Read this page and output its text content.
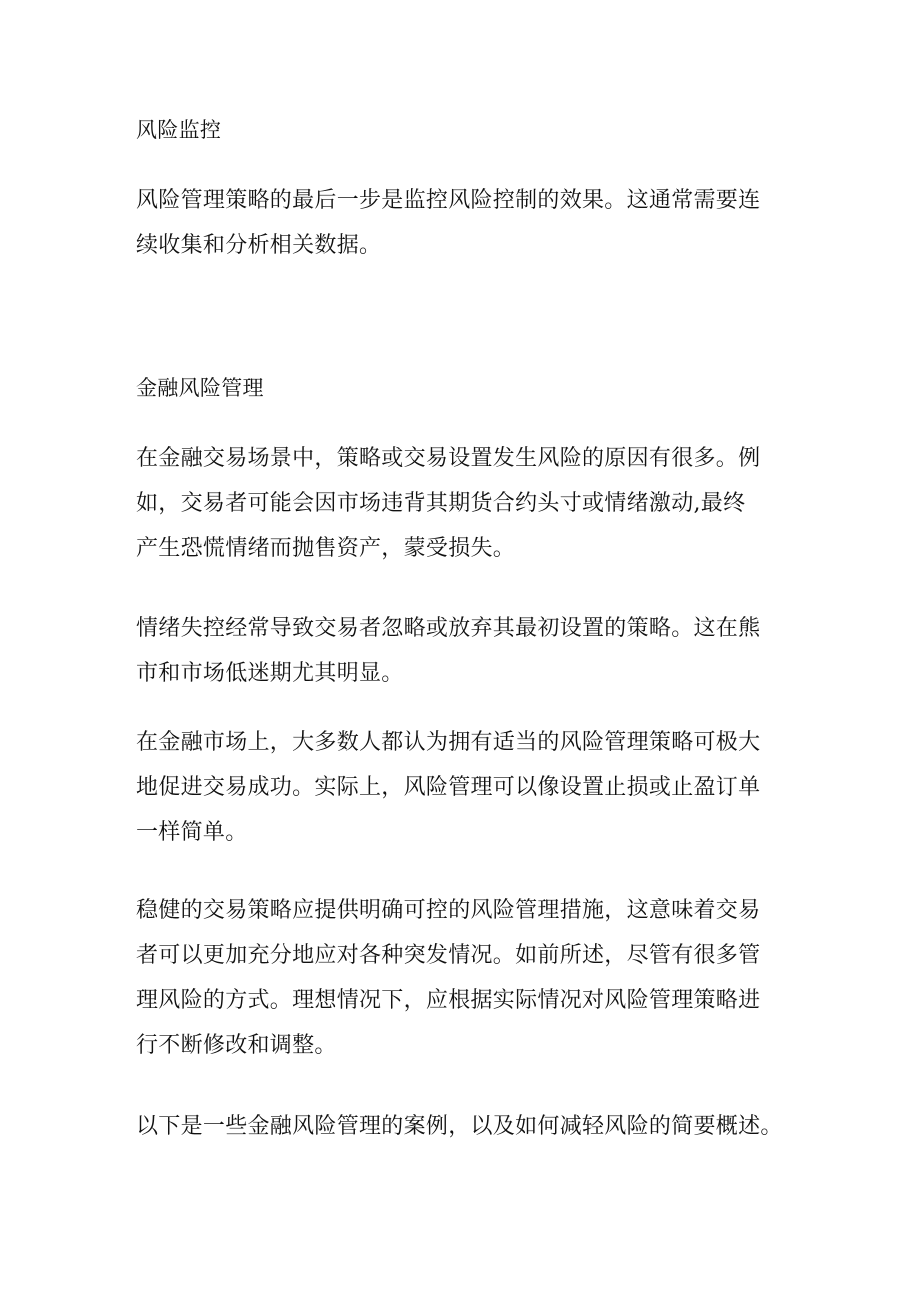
风险监控

风险管理策略的最后一步是监控风险控制的效果。这通常需要连
续收集和分析相关数据。

金融风险管理

在金融交易场景中，策略或交易设置发生风险的原因有很多。例
如，交易者可能会因市场违背其期货合约头寸或情绪激动,最终
产生恐慌情绪而抛售资产，蒙受损失。

情绪失控经常导致交易者忽略或放弃其最初设置的策略。这在熊
市和市场低迷期尤其明显。

在金融市场上，大多数人都认为拥有适当的风险管理策略可极大
地促进交易成功。实际上，风险管理可以像设置止损或止盈订单
一样简单。

稳健的交易策略应提供明确可控的风险管理措施，这意味着交易
者可以更加充分地应对各种突发情况。如前所述，尽管有很多管
理风险的方式。理想情况下，应根据实际情况对风险管理策略进
行不断修改和调整。

以下是一些金融风险管理的案例，以及如何减轻风险的简要概述。
